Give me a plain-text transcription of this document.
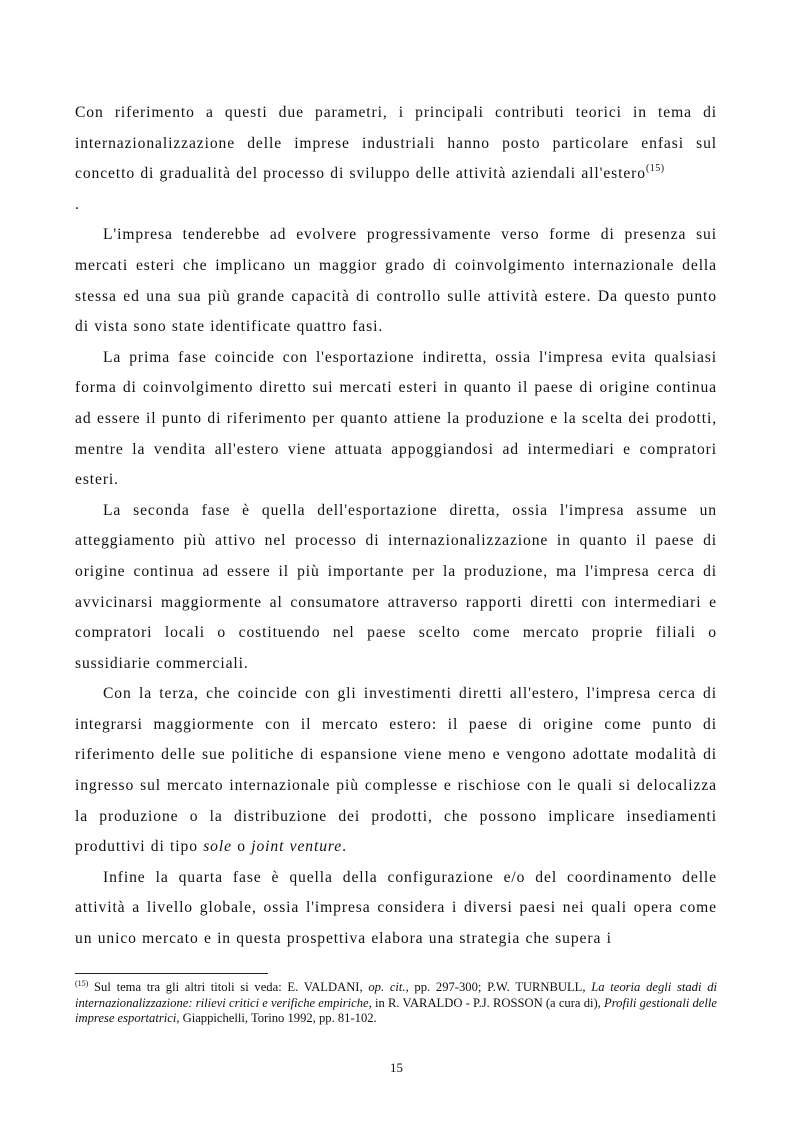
Con riferimento a questi due parametri, i principali contributi teorici in tema di internazionalizzazione delle imprese industriali hanno posto particolare enfasi sul concetto di gradualità del processo di sviluppo delle attività aziendali all'estero$^{(15)}$
.

L'impresa tenderebbe ad evolvere progressivamente verso forme di presenza sui mercati esteri che implicano un maggior grado di coinvolgimento internazionale della stessa ed una sua più grande capacità di controllo sulle attività estere. Da questo punto di vista sono state identificate quattro fasi.

La prima fase coincide con l'esportazione indiretta, ossia l'impresa evita qualsiasi forma di coinvolgimento diretto sui mercati esteri in quanto il paese di origine continua ad essere il punto di riferimento per quanto attiene la produzione e la scelta dei prodotti, mentre la vendita all'estero viene attuata appoggiandosi ad intermediari e compratori esteri.

La seconda fase è quella dell'esportazione diretta, ossia l'impresa assume un atteggiamento più attivo nel processo di internazionalizzazione in quanto il paese di origine continua ad essere il più importante per la produzione, ma l'impresa cerca di avvicinarsi maggiormente al consumatore attraverso rapporti diretti con intermediari e compratori locali o costituendo nel paese scelto come mercato proprie filiali o sussidiarie commerciali.

Con la terza, che coincide con gli investimenti diretti all'estero, l'impresa cerca di integrarsi maggiormente con il mercato estero: il paese di origine come punto di riferimento delle sue politiche di espansione viene meno e vengono adottate modalità di ingresso sul mercato internazionale più complesse e rischiose con le quali si delocalizza la produzione o la distribuzione dei prodotti, che possono implicare insediamenti produttivi di tipo sole o joint venture.

Infine la quarta fase è quella della configurazione e/o del coordinamento delle attività a livello globale, ossia l'impresa considera i diversi paesi nei quali opera come un unico mercato e in questa prospettiva elabora una strategia che supera i

$^{(15)}$ Sul tema tra gli altri titoli si veda: E. VALDANI, op. cit., pp. 297-300; P.W. TURNBULL, La teoria degli stadi di internazionalizzazione: rilievi critici e verifiche empiriche, in R. VARALDO - P.J. ROSSON (a cura di), Profili gestionali delle imprese esportatrici, Giappichelli, Torino 1992, pp. 81-102.
15
